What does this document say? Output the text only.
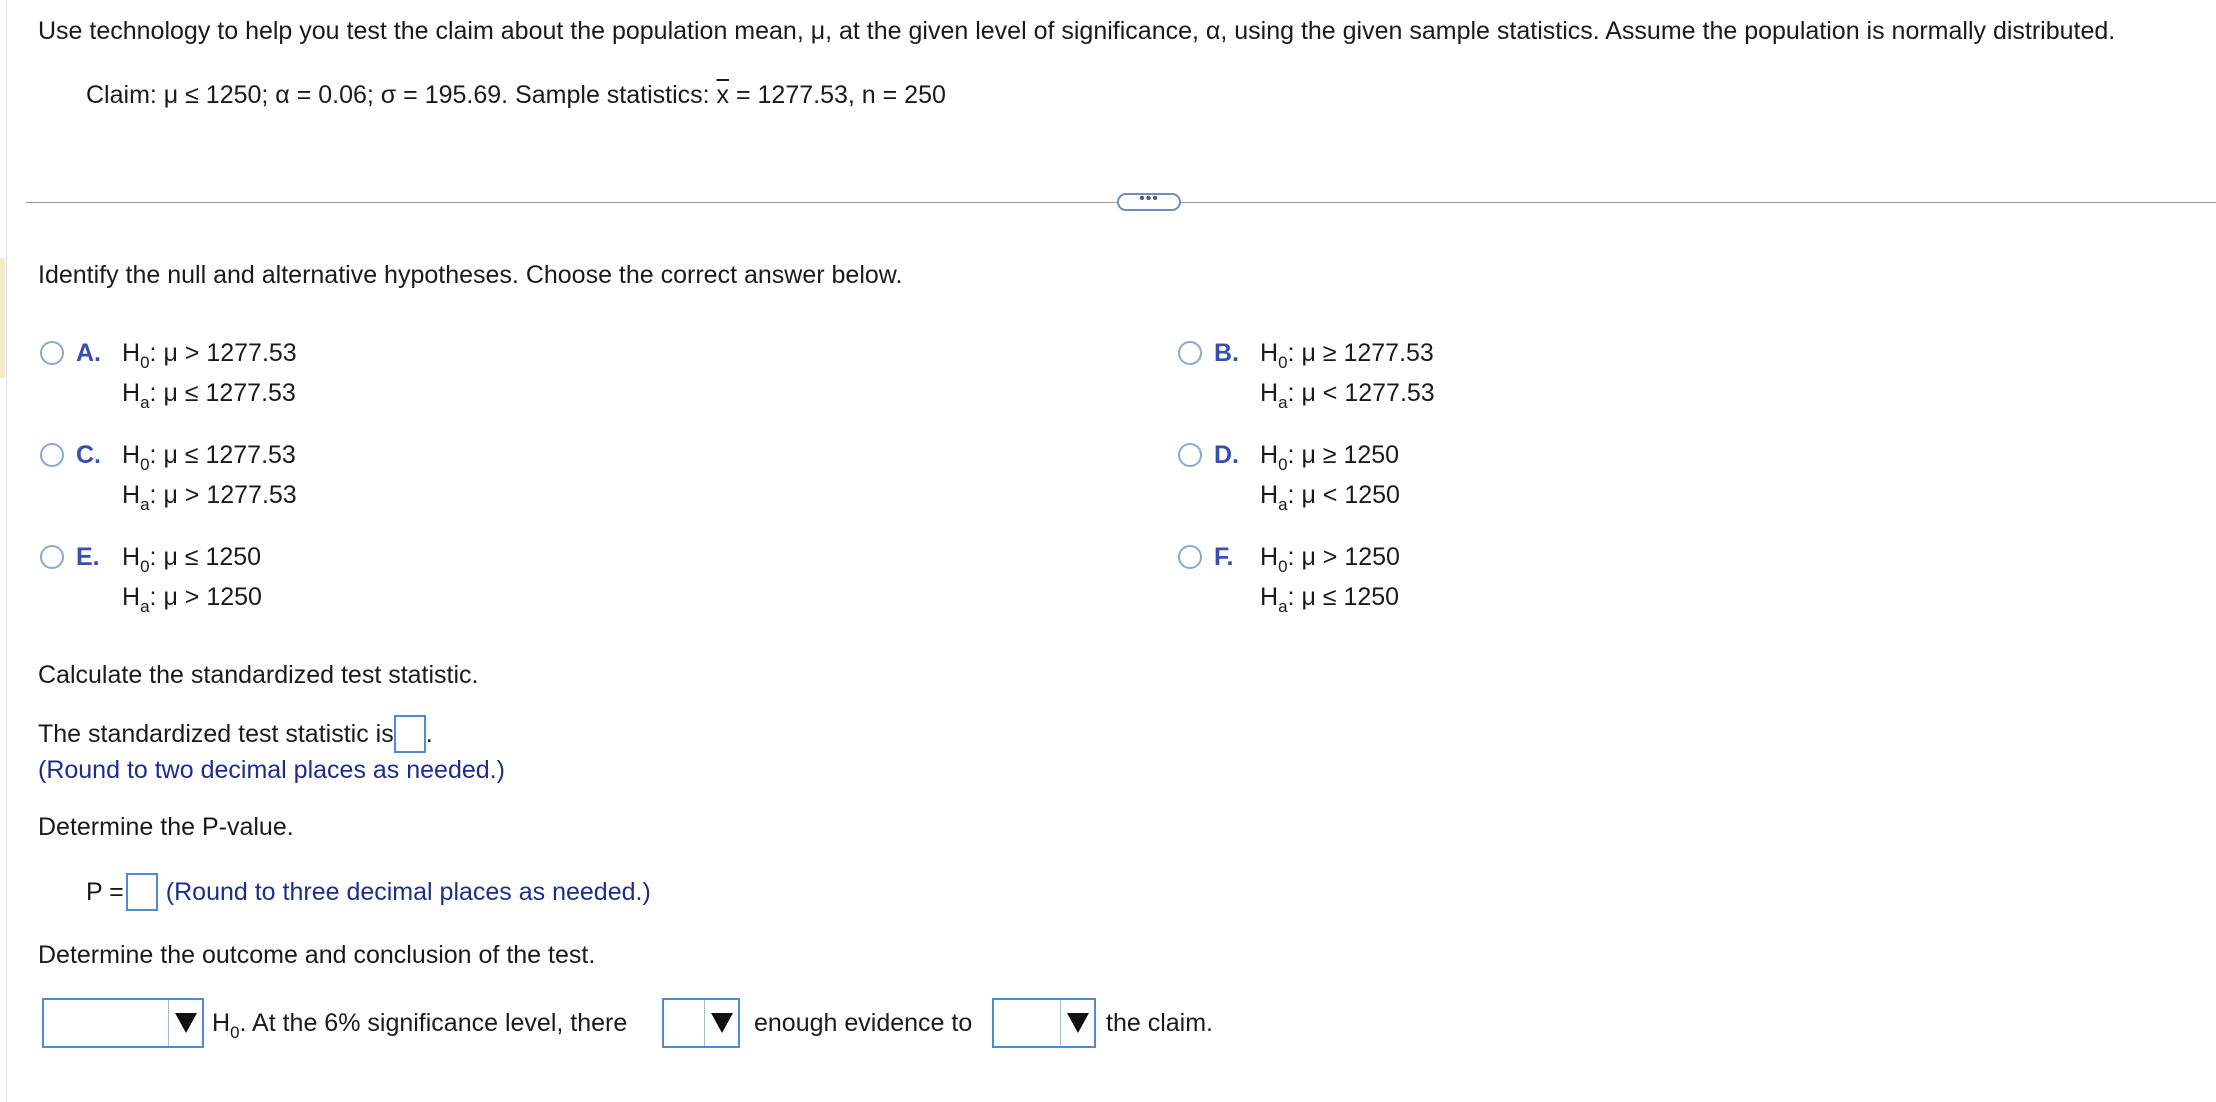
Use technology to help you test the claim about the population mean, μ, at the given level of significance, α, using the given sample statistics. Assume the population is normally distributed.
Claim: μ ≤ 1250; α = 0.06; σ = 195.69. Sample statistics: $\overline{x} = 1277.53$, n = 250
•••
Identify the null and alternative hypotheses. Choose the correct answer below.
A. $H_0$: μ > 1277.53
$H_a$: μ ≤ 1277.53
B. $H_0$: μ ≥ 1277.53
$H_a$: μ < 1277.53
C. $H_0$: μ ≤ 1277.53
$H_a$: μ > 1277.53
D. $H_0$: μ ≥ 1250
$H_a$: μ < 1250
E. $H_0$: μ ≤ 1250
$H_a$: μ > 1250
F. $H_0$: μ > 1250
$H_a$: μ ≤ 1250
Calculate the standardized test statistic.
The standardized test statistic is .
(Round to two decimal places as needed.)
Determine the P-value.
P = (Round to three decimal places as needed.)
Determine the outcome and conclusion of the test.
$H_0$. At the 6% significance level, there	enough evidence to	the claim.
